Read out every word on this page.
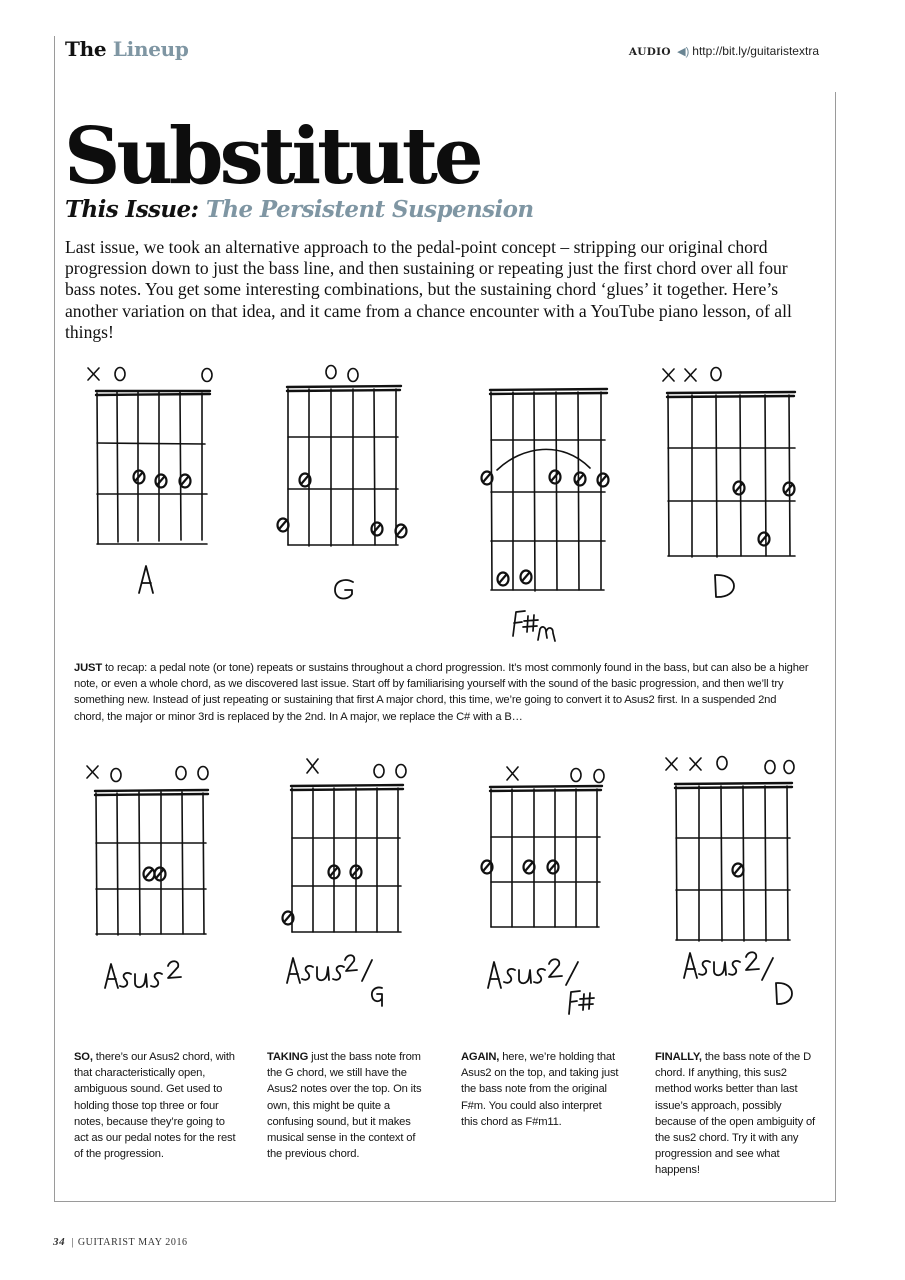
The Lineup	AUDIO ◀) http://bit.ly/guitaristextra
Substitute
This Issue: The Persistent Suspension
Last issue, we took an alternative approach to the pedal-point concept – stripping our original chord progression down to just the bass line, and then sustaining or repeating just the first chord over all four bass notes. You get some interesting combinations, but the sustaining chord ‘glues’ it together. Here’s another variation on that idea, and it came from a chance encounter with a YouTube piano lesson, of all things!
JUST to recap: a pedal note (or tone) repeats or sustains throughout a chord progression. It’s most commonly found in the bass, but can also be a higher note, or even a whole chord, as we discovered last issue. Start off by familiarising yourself with the sound of the basic progression, and then we’ll try something new. Instead of just repeating or sustaining that first A major chord, this time, we’re going to convert it to Asus2 first. In a suspended 2nd chord, the major or minor 3rd is replaced by the 2nd. In A major, we replace the C# with a B…
SO, there’s our Asus2 chord, with that characteristically open, ambiguous sound. Get used to holding those top three or four notes, because they’re going to act as our pedal notes for the rest of the progression.
TAKING just the bass note from the G chord, we still have the Asus2 notes over the top. On its own, this might be quite a confusing sound, but it makes musical sense in the context of the previous chord.
AGAIN, here, we’re holding that Asus2 on the top, and taking just the bass note from the original F#m. You could also interpret this chord as F#m11.
FINALLY, the bass note of the D chord. If anything, this sus2 method works better than last issue’s approach, possibly because of the open ambiguity of the sus2 chord. Try it with any progression and see what happens!
34 | GUITARIST MAY 2016
